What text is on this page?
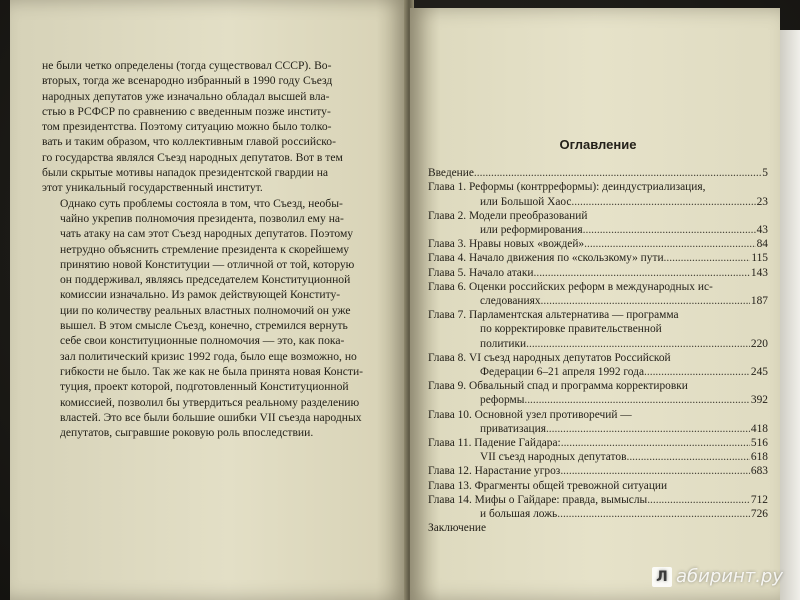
не были четко определены (тогда существовал СССР). Во-
вторых, тогда же всенародно избранный в 1990 году Съезд
народных депутатов уже изначально обладал высшей вла-
стью в РСФСР по сравнению с введенным позже институ-
том президентства. Поэтому ситуацию можно было толко-
вать и таким образом, что коллективным главой российско-
го государства являлся Съезд народных депутатов. Вот в тем
были скрытые мотивы нападок президентской гвардии на
этот уникальный государственный институт.

Однако суть проблемы состояла в том, что Съезд, необы-
чайно укрепив полномочия президента, позволил ему на-
чать атаку на сам этот Съезд народных депутатов. Поэтому
нетрудно объяснить стремление президента к скорейшему
принятию новой Конституции — отличной от той, которую
он поддерживал, являясь председателем Конституционной
комиссии изначально. Из рамок действующей Конститу-
ции по количеству реальных властных полномочий он уже
вышел. В этом смысле Съезд, конечно, стремился вернуть
себе свои конституционные полномочия — это, как пока-
зал политический кризис 1992 года, было еще возможно, но
гибкости не было. Так же как не была принята новая Консти-
туция, проект которой, подготовленный Конституционной
комиссией, позволил бы утвердиться реальному разделению
властей. Это все были большие ошибки VII съезда народных
депутатов, сыгравшие роковую роль впоследствии.

Оглавление
Введение .....	5
Глава 1. Реформы (контрреформы): деиндустриализация,
или Большой Хаос .....	23
Глава 2. Модели преобразований
или реформирования .....	43
Глава 3. Нравы новых «вождей» .....	84
Глава 4. Начало движения по «скользкому» пути .....	115
Глава 5. Начало атаки .....	143
Глава 6. Оценки российских реформ в международных ис-
следованиях .....	187
Глава 7. Парламентская альтернатива — программа
по корректировке правительственной
политики .....	220
Глава 8. VI съезд народных депутатов Российской
Федерации 6–21 апреля 1992 года .....	245
Глава 9. Обвальный спад и программа корректировки
реформы .....	392
Глава 10. Основной узел противоречий —
приватизация .....	418
Глава 11. Падение Гайдара: .....	516
VII съезд народных депутатов .....	618
Глава 12. Нарастание угроз .....	683
Глава 13. Фрагменты общей тревожной ситуации
Глава 14. Мифы о Гайдаре: правда, вымыслы .....	712
и большая ложь .....	726
Заключение
Л абиринт.ру
